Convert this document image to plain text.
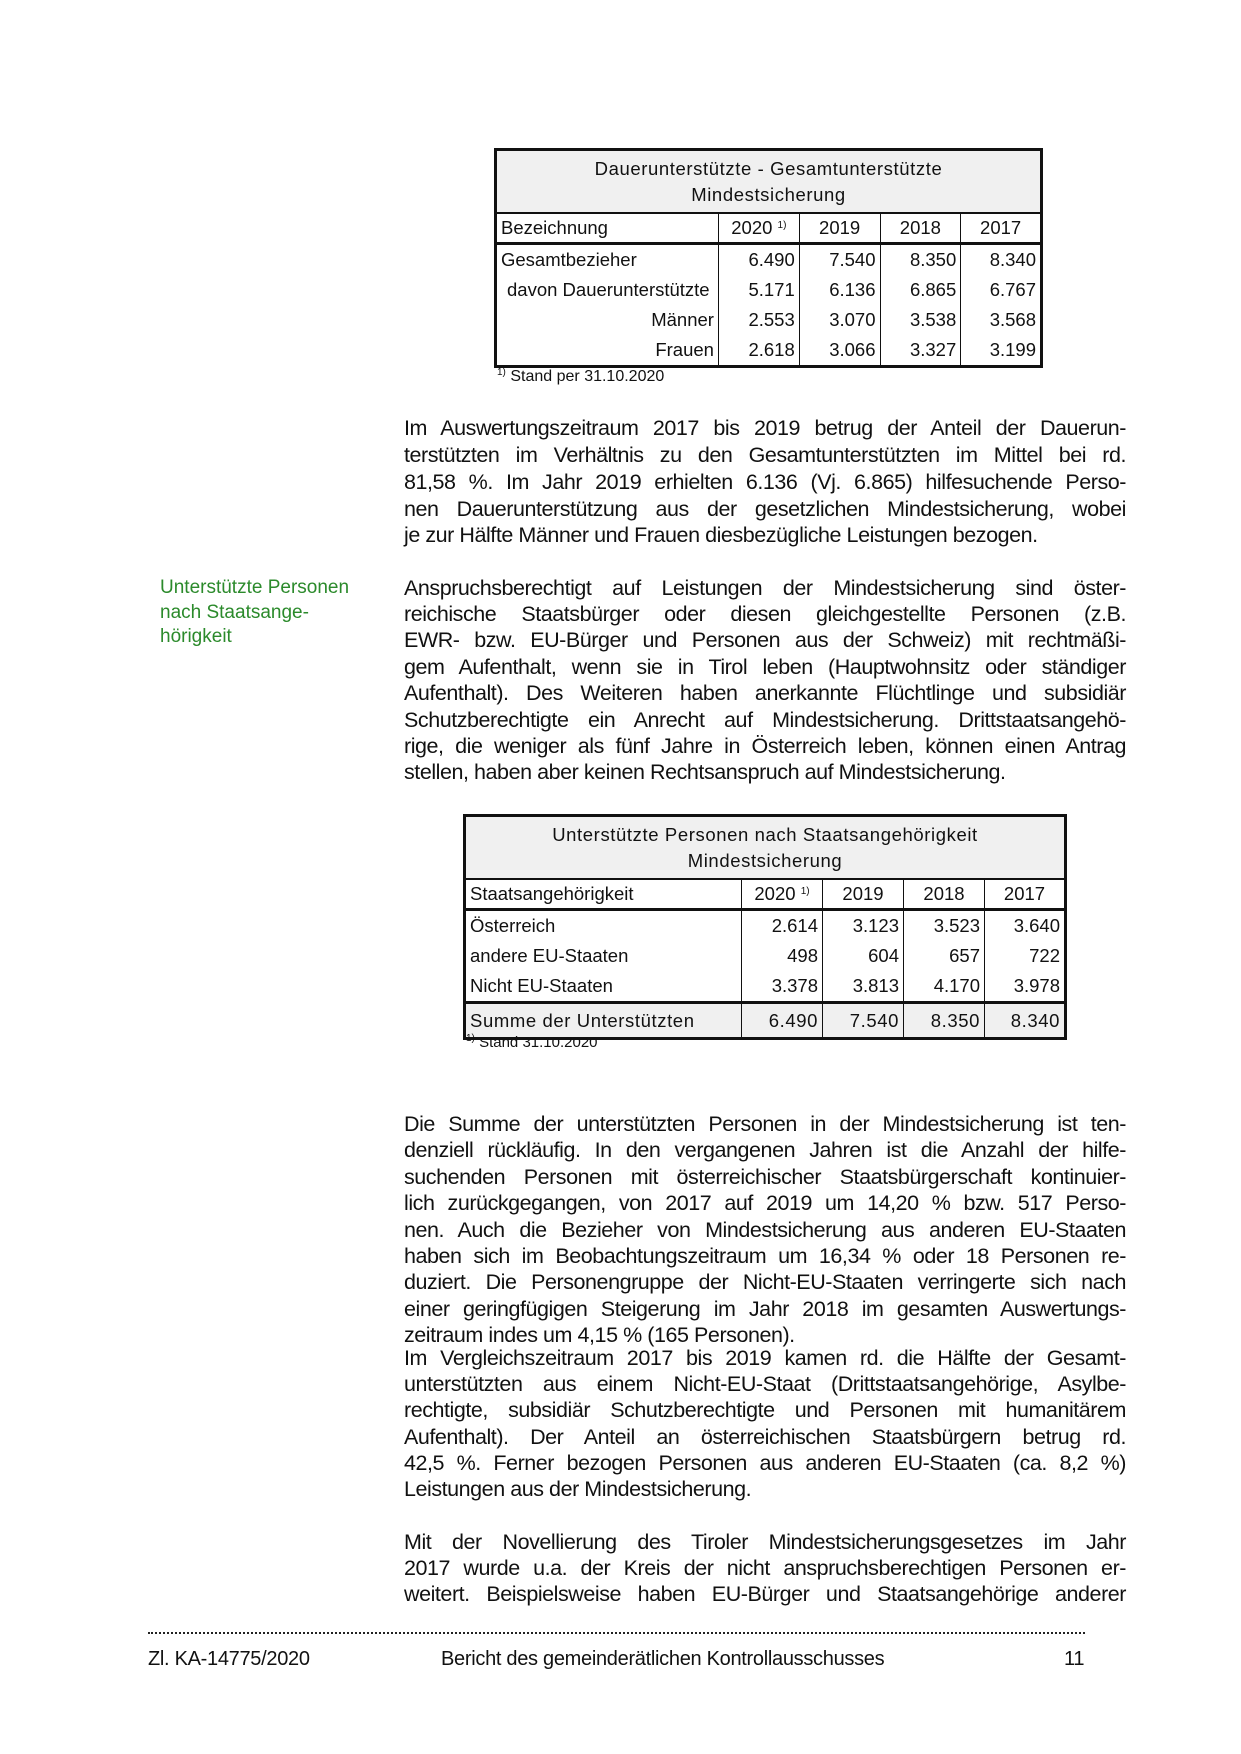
Dauerunterstützte - Gesamtunterstützte
Mindestsicherung				

Bezeichnung	2020 $^{1)}$	2019	2018	2017
Gesamtbezieher	6.490	7.540	8.350	8.340
davon Dauerunterstützte	5.171	6.136	6.865	6.767
Männer	2.553	3.070	3.538	3.568
Frauen	2.618	3.066	3.327	3.199
$^{1)}$ Stand per 31.10.2020
Im Auswertungszeitraum 2017 bis 2019 betrug der Anteil der Dauerun-
terstützten im Verhältnis zu den Gesamtunterstützten im Mittel bei rd.
81,58 %. Im Jahr 2019 erhielten 6.136 (Vj. 6.865) hilfesuchende Perso-
nen Dauerunterstützung aus der gesetzlichen Mindestsicherung, wobei
je zur Hälfte Männer und Frauen diesbezügliche Leistungen bezogen.
Unterstützte Personen
nach Staatsange-
hörigkeit
Anspruchsberechtigt auf Leistungen der Mindestsicherung sind öster-
reichische Staatsbürger oder diesen gleichgestellte Personen (z.B.
EWR- bzw. EU-Bürger und Personen aus der Schweiz) mit rechtmäßi-
gem Aufenthalt, wenn sie in Tirol leben (Hauptwohnsitz oder ständiger
Aufenthalt). Des Weiteren haben anerkannte Flüchtlinge und subsidiär
Schutzberechtigte ein Anrecht auf Mindestsicherung. Drittstaatsangehö-
rige, die weniger als fünf Jahre in Österreich leben, können einen Antrag
stellen, haben aber keinen Rechtsanspruch auf Mindestsicherung.
Unterstützte Personen nach Staatsangehörigkeit
Mindestsicherung				

Staatsangehörigkeit	2020 $^{1)}$	2019	2018	2017
Österreich	2.614	3.123	3.523	3.640
andere EU-Staaten	498	604	657	722
Nicht EU-Staaten	3.378	3.813	4.170	3.978
Summe der Unterstützten	6.490	7.540	8.350	8.340
$^{1)}$ Stand 31.10.2020
Die Summe der unterstützten Personen in der Mindestsicherung ist ten-
denziell rückläufig. In den vergangenen Jahren ist die Anzahl der hilfe-
suchenden Personen mit österreichischer Staatsbürgerschaft kontinuier-
lich zurückgegangen, von 2017 auf 2019 um 14,20 % bzw. 517 Perso-
nen. Auch die Bezieher von Mindestsicherung aus anderen EU-Staaten
haben sich im Beobachtungszeitraum um 16,34 % oder 18 Personen re-
duziert. Die Personengruppe der Nicht-EU-Staaten verringerte sich nach
einer geringfügigen Steigerung im Jahr 2018 im gesamten Auswertungs-
zeitraum indes um 4,15 % (165 Personen).
Im Vergleichszeitraum 2017 bis 2019 kamen rd. die Hälfte der Gesamt-
unterstützten aus einem Nicht-EU-Staat (Drittstaatsangehörige, Asylbe-
rechtigte, subsidiär Schutzberechtigte und Personen mit humanitärem
Aufenthalt). Der Anteil an österreichischen Staatsbürgern betrug rd.
42,5 %. Ferner bezogen Personen aus anderen EU-Staaten (ca. 8,2 %)
Leistungen aus der Mindestsicherung.
Mit der Novellierung des Tiroler Mindestsicherungsgesetzes im Jahr
2017 wurde u.a. der Kreis der nicht anspruchsberechtigen Personen er-
weitert. Beispielsweise haben EU-Bürger und Staatsangehörige anderer
Zl. KA-14775/2020	Bericht des gemeinderätlichen Kontrollausschusses	11
